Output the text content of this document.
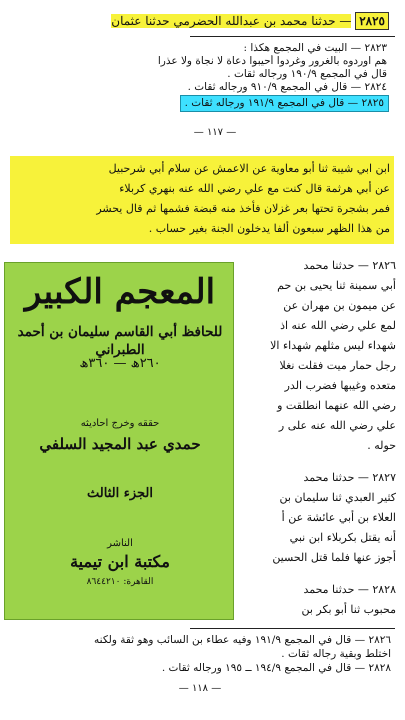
٢٨٢٥ — حدثنا محمد بن عبدالله الحضرمي حدثنا عثمان
٢٨٢٣ — البيت في المجمع هكذا :
هم اوردوه بالغرور وغردوا أحيبوا دعاة لا نجاة ولا عذرا
قال في المجمع ١٩٠/٩ ورجاله ثقات .
٢٨٢٤ — قال في المجمع ٩١٠/٩ ورجاله ثقات .
٢٨٢٥ — قال في المجمع ١٩١/٩ ورجاله ثقات .
— ١١٧ —
ابن ابي شيبة ثنا أبو معاوية عن الاعمش عن سلام أبي شرحبيل
عن أبي هرثمة قال كنت مع علي رضي الله عنه بنهري كربلاء
فمر بشجرة تحتها بعر غزلان فأخذ منه قبضة فشمها ثم قال يحشر
من هذا الظهر سبعون ألفا يدخلون الجنة بغير حساب .
المعجم الكبير
للحافظ أبي القاسم سليمان بن أحمد الطبراني
٢٦٠ھ — ٣٦٠ھ
حققه وخرج احاديثه
حمدي عبد المجيد السلفي
الجزء الثالث
الناشر
مكتبة ابن تيمية
القاهرة: ٨٦٤٤٢١٠
٢٨٢٦ — حدثنا محمد
أبي سمينة ثنا يحيى بن حم
عن ميمون بن مهران عن
لمع علي رضي الله عنه اذ
شهداء ليس مثلهم شهداء الا
رجل حمار ميت فقلت نغلا
متعده وغيبها فضرب الدر
رضي الله عنهما انطلقت و
علي رضي الله عنه على ر
حوله .
٢٨٢٧ — حدثنا محمد
كثير العبدي ثنا سليمان بن
العلاء بن أبي عائشة عن أ
أنه يقتل بكربلاء ابن نبي
أجوز عنها فلما قتل الحسين
٢٨٢٨ — حدثنا محمد
محبوب ثنا أبو بكر بن
٢٨٢٦ — قال في المجمع ١٩١/٩ وفيه عطاء بن السائب وهو ثقة ولكنه
اختلط وبقية رجاله ثقات .
٢٨٢٨ — قال في المجمع ١٩٤/٩ ــ ١٩٥ ورجاله ثقات .
— ١١٨ —
